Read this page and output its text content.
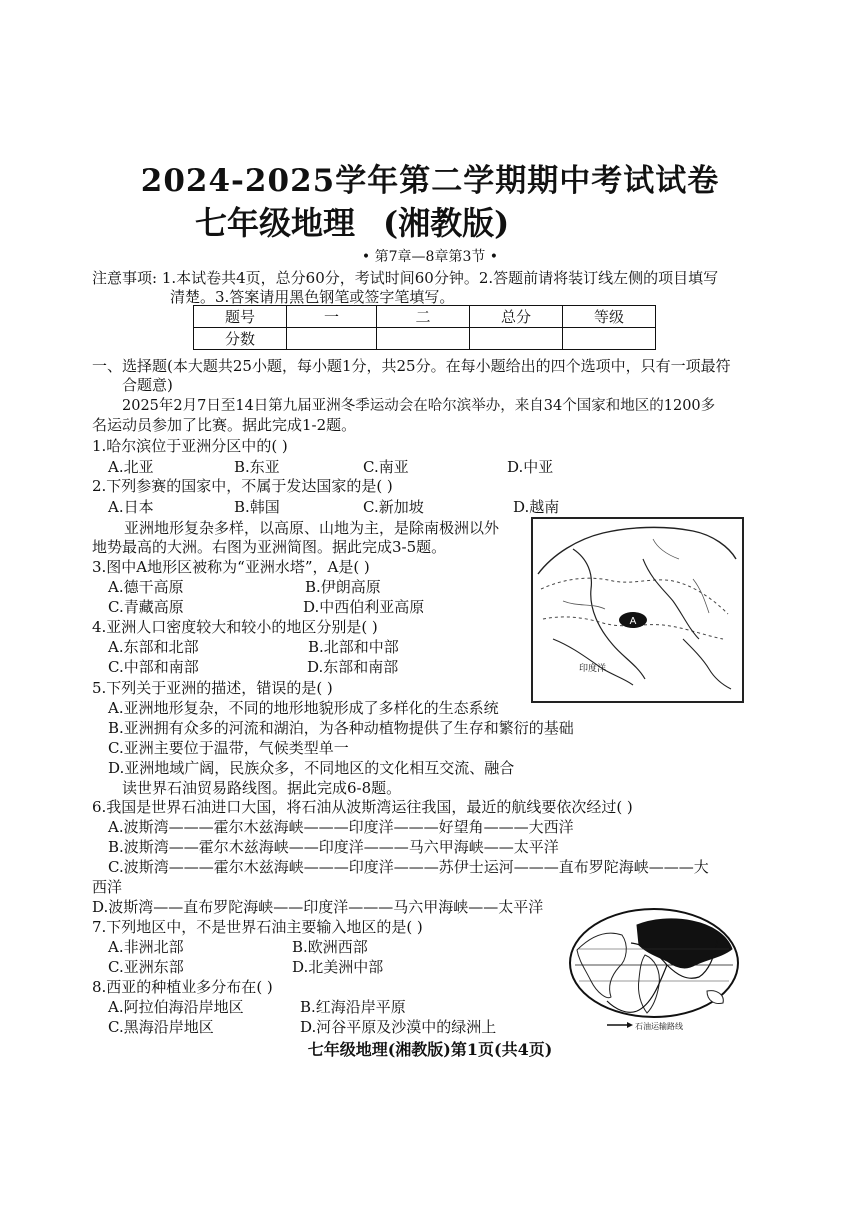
2024-2025学年第二学期期中考试试卷
七年级地理 (湘教版)
• 第7章—8章第3节 •
注意事项: 1.本试卷共4页，总分60分，考试时间60分钟。2.答题前请将装订线左侧的项目填写
清楚。3.答案请用黑色钢笔或签字笔填写。
题号	一	二	总分	等级
分数				
一、选择题(本大题共25小题，每小题1分，共25分。在每小题给出的四个选项中，只有一项最符
合题意)
2025年2月7日至14日第九届亚洲冬季运动会在哈尔滨举办，来自34个国家和地区的1200多
名运动员参加了比赛。据此完成1-2题。
1.哈尔滨位于亚洲分区中的( )
A.北亚	B.东亚	C.南亚	D.中亚
2.下列参赛的国家中，不属于发达国家的是( )
A.日本	B.韩国	C.新加坡	D.越南
亚洲地形复杂多样，以高原、山地为主，是除南极洲以外
地势最高的大洲。右图为亚洲简图。据此完成3-5题。
3.图中A地形区被称为“亚洲水塔”，A是( )
A.德干高原	B.伊朗高原
C.青藏高原	D.中西伯利亚高原
4.亚洲人口密度较大和较小的地区分别是( )
A.东部和北部	B.北部和中部
C.中部和南部	D.东部和南部
5.下列关于亚洲的描述，错误的是( )
A.亚洲地形复杂，不同的地形地貌形成了多样化的生态系统
B.亚洲拥有众多的河流和湖泊，为各种动植物提供了生存和繁衍的基础
C.亚洲主要位于温带，气候类型单一
D.亚洲地域广阔，民族众多，不同地区的文化相互交流、融合
读世界石油贸易路线图。据此完成6-8题。
6.我国是世界石油进口大国，将石油从波斯湾运往我国，最近的航线要依次经过( )
A.波斯湾———霍尔木兹海峡———印度洋———好望角———大西洋
B.波斯湾——霍尔木兹海峡——印度洋———马六甲海峡——太平洋
C.波斯湾———霍尔木兹海峡———印度洋———苏伊士运河———直布罗陀海峡———大
西洋
D.波斯湾——直布罗陀海峡——印度洋———马六甲海峡——太平洋
7.下列地区中，不是世界石油主要输入地区的是( )
A.非洲北部	B.欧洲西部
C.亚洲东部	D.北美洲中部
8.西亚的种植业多分布在( )
A.阿拉伯海沿岸地区	B.红海沿岸平原
C.黑海沿岸地区	D.河谷平原及沙漠中的绿洲上
A
印度洋
石油运输路线
七年级地理(湘教版)第1页(共4页)
